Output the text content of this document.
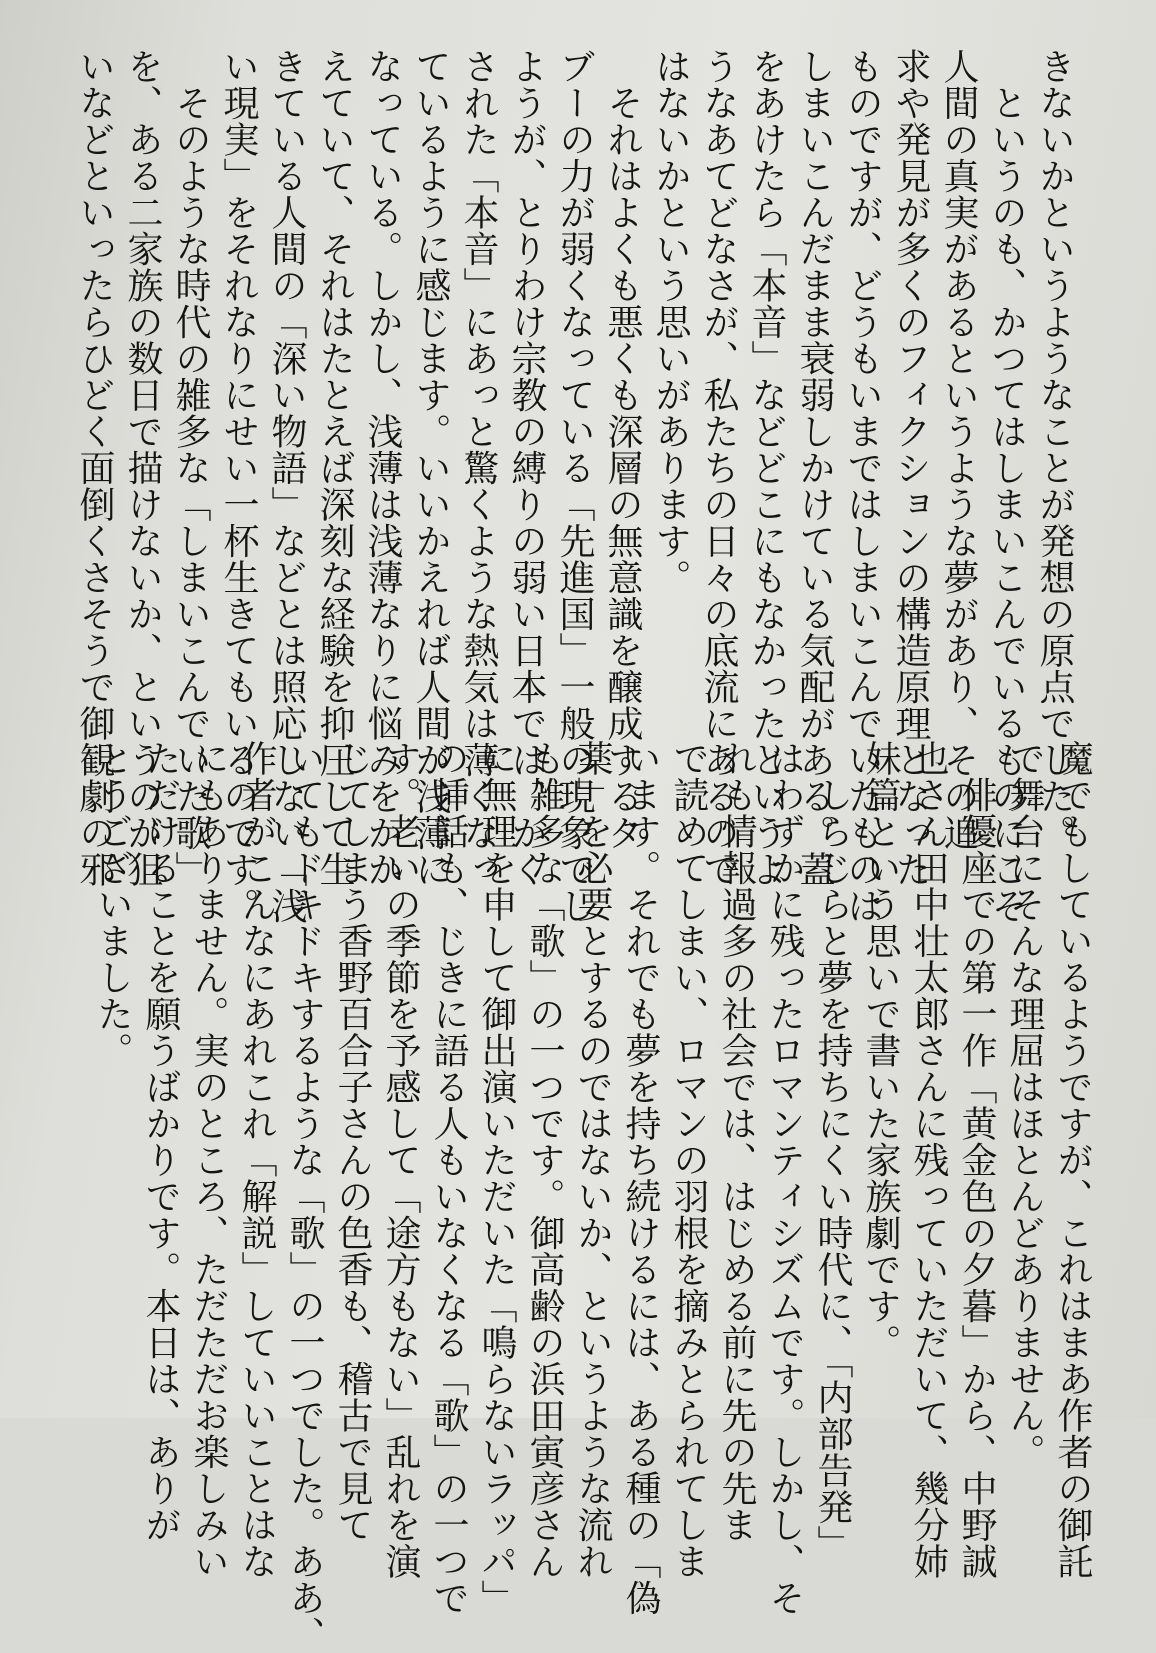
きないかというようなことが発想の原点でした。

　というのも、かつてはしまいこんでいるものにこそ

人間の真実があるというような夢があり、その追

求や発見が多くのフィクションの構造原理となった

ものですが、どうもいまではしまいこんでいたものは

しまいこんだまま衰弱しかけている気配がある。蓋

をあけたら「本音」などどこにもなかったというよ

うなあてどなさが、私たちの日々の底流にあるので

はないかという思いがあります。

　それはよくも悪くも深層の無意識を醸成するタ

ブーの力が弱くなっている「先進国」一般の現象でし

ようが、とりわけ宗教の縛りの弱い日本では、かく

された「本音」にあっと驚くような熱気は薄くなっ

ているように感じます。いいかえれば人間が浅薄に

なっている。しかし、浅薄は浅薄なりに悩みをかか

えていて、それはたとえば深刻な経験を抑圧して生

きている人間の「深い物語」などとは照応しない「浅

い現実」をそれなりにせい一杯生きてもいるのです。

　そのような時代の雑多な「しまいこんでいた歌」

を、ある二家族の数日で描けないか、というのが狙

いなどといったらひどく面倒くさそうで御観劇の邪

魔でもしているようですが、これはまあ作者の御託

で舞台にそんな理屈はほとんどありません。

　俳優座での第一作「黄金色の夕暮」から、中野誠

也さん田中壮太郎さんに残っていただいて、幾分姉

妹篇という思いで書いた家族劇です。

　しらじらと夢を持ちにくい時代に、「内部告発」

はわずかに残ったロマンティシズムです。しかし、そ

れも情報過多の社会では、はじめる前に先の先ま

で読めてしまい、ロマンの羽根を摘みとられてしま

います。それでも夢を持ち続けるには、ある種の「偽

薬」を必要とするのではないか、というような流れ

も雑多な「歌」の一つです。御高齢の浜田寅彦さん

に無理を申して御出演いただいた「鳴らないラッパ」

の挿話も、じきに語る人もいなくなる「歌」の一つで

す。老いの季節を予感して「途方もない」乱れを演

じてしまう香野百合子さんの色香も、稽古で見て

いてもドキドキするような「歌」の一つでした。ああ、

作者がこんなにあれこれ「解説」していいことはな

にもありません。実のところ、ただただお楽しみい

ただけることを願うばかりです。本日は、ありが

とうございました。
